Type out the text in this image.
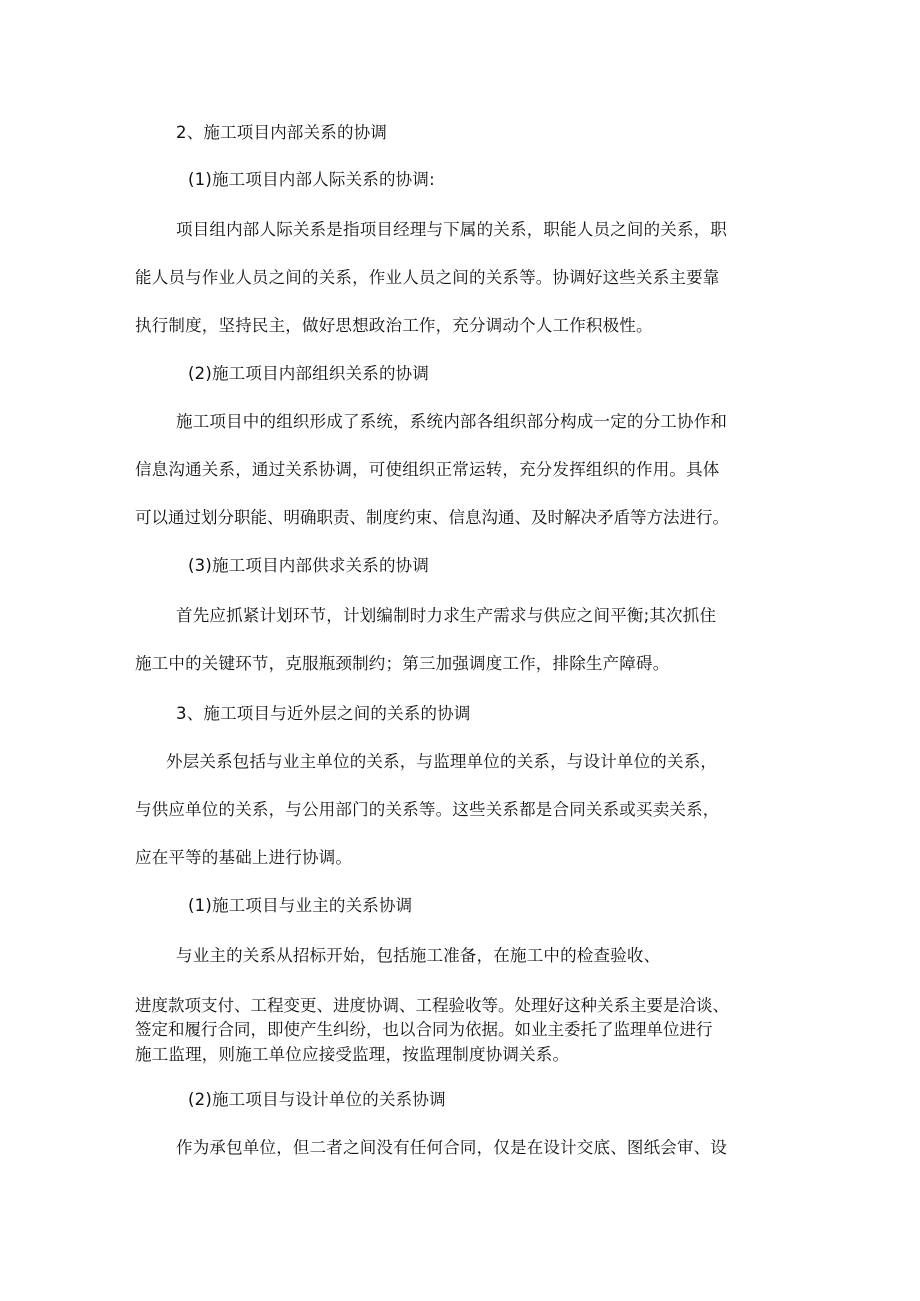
2、施工项目内部关系的协调
(1)施工项目内部人际关系的协调:
项目组内部人际关系是指项目经理与下属的关系，职能人员之间的关系，职
能人员与作业人员之间的关系，作业人员之间的关系等。协调好这些关系主要靠
执行制度，坚持民主，做好思想政治工作，充分调动个人工作积极性。
(2)施工项目内部组织关系的协调
施工项目中的组织形成了系统，系统内部各组织部分构成一定的分工协作和
信息沟通关系，通过关系协调，可使组织正常运转，充分发挥组织的作用。具体
可以通过划分职能、明确职责、制度约束、信息沟通、及时解决矛盾等方法进行。
(3)施工项目内部供求关系的协调
首先应抓紧计划环节，计划编制时力求生产需求与供应之间平衡;其次抓住
施工中的关键环节，克服瓶颈制约；第三加强调度工作，排除生产障碍。
3、施工项目与近外层之间的关系的协调
外层关系包括与业主单位的关系，与监理单位的关系，与设计单位的关系，
与供应单位的关系，与公用部门的关系等。这些关系都是合同关系或买卖关系，
应在平等的基础上进行协调。
(1)施工项目与业主的关系协调
与业主的关系从招标开始，包括施工准备，在施工中的检查验收、
进度款项支付、工程变更、进度协调、工程验收等。处理好这种关系主要是洽谈、
签定和履行合同，即使产生纠纷，也以合同为依据。如业主委托了监理单位进行
施工监理，则施工单位应接受监理，按监理制度协调关系。
(2)施工项目与设计单位的关系协调
作为承包单位，但二者之间没有任何合同，仅是在设计交底、图纸会审、设
